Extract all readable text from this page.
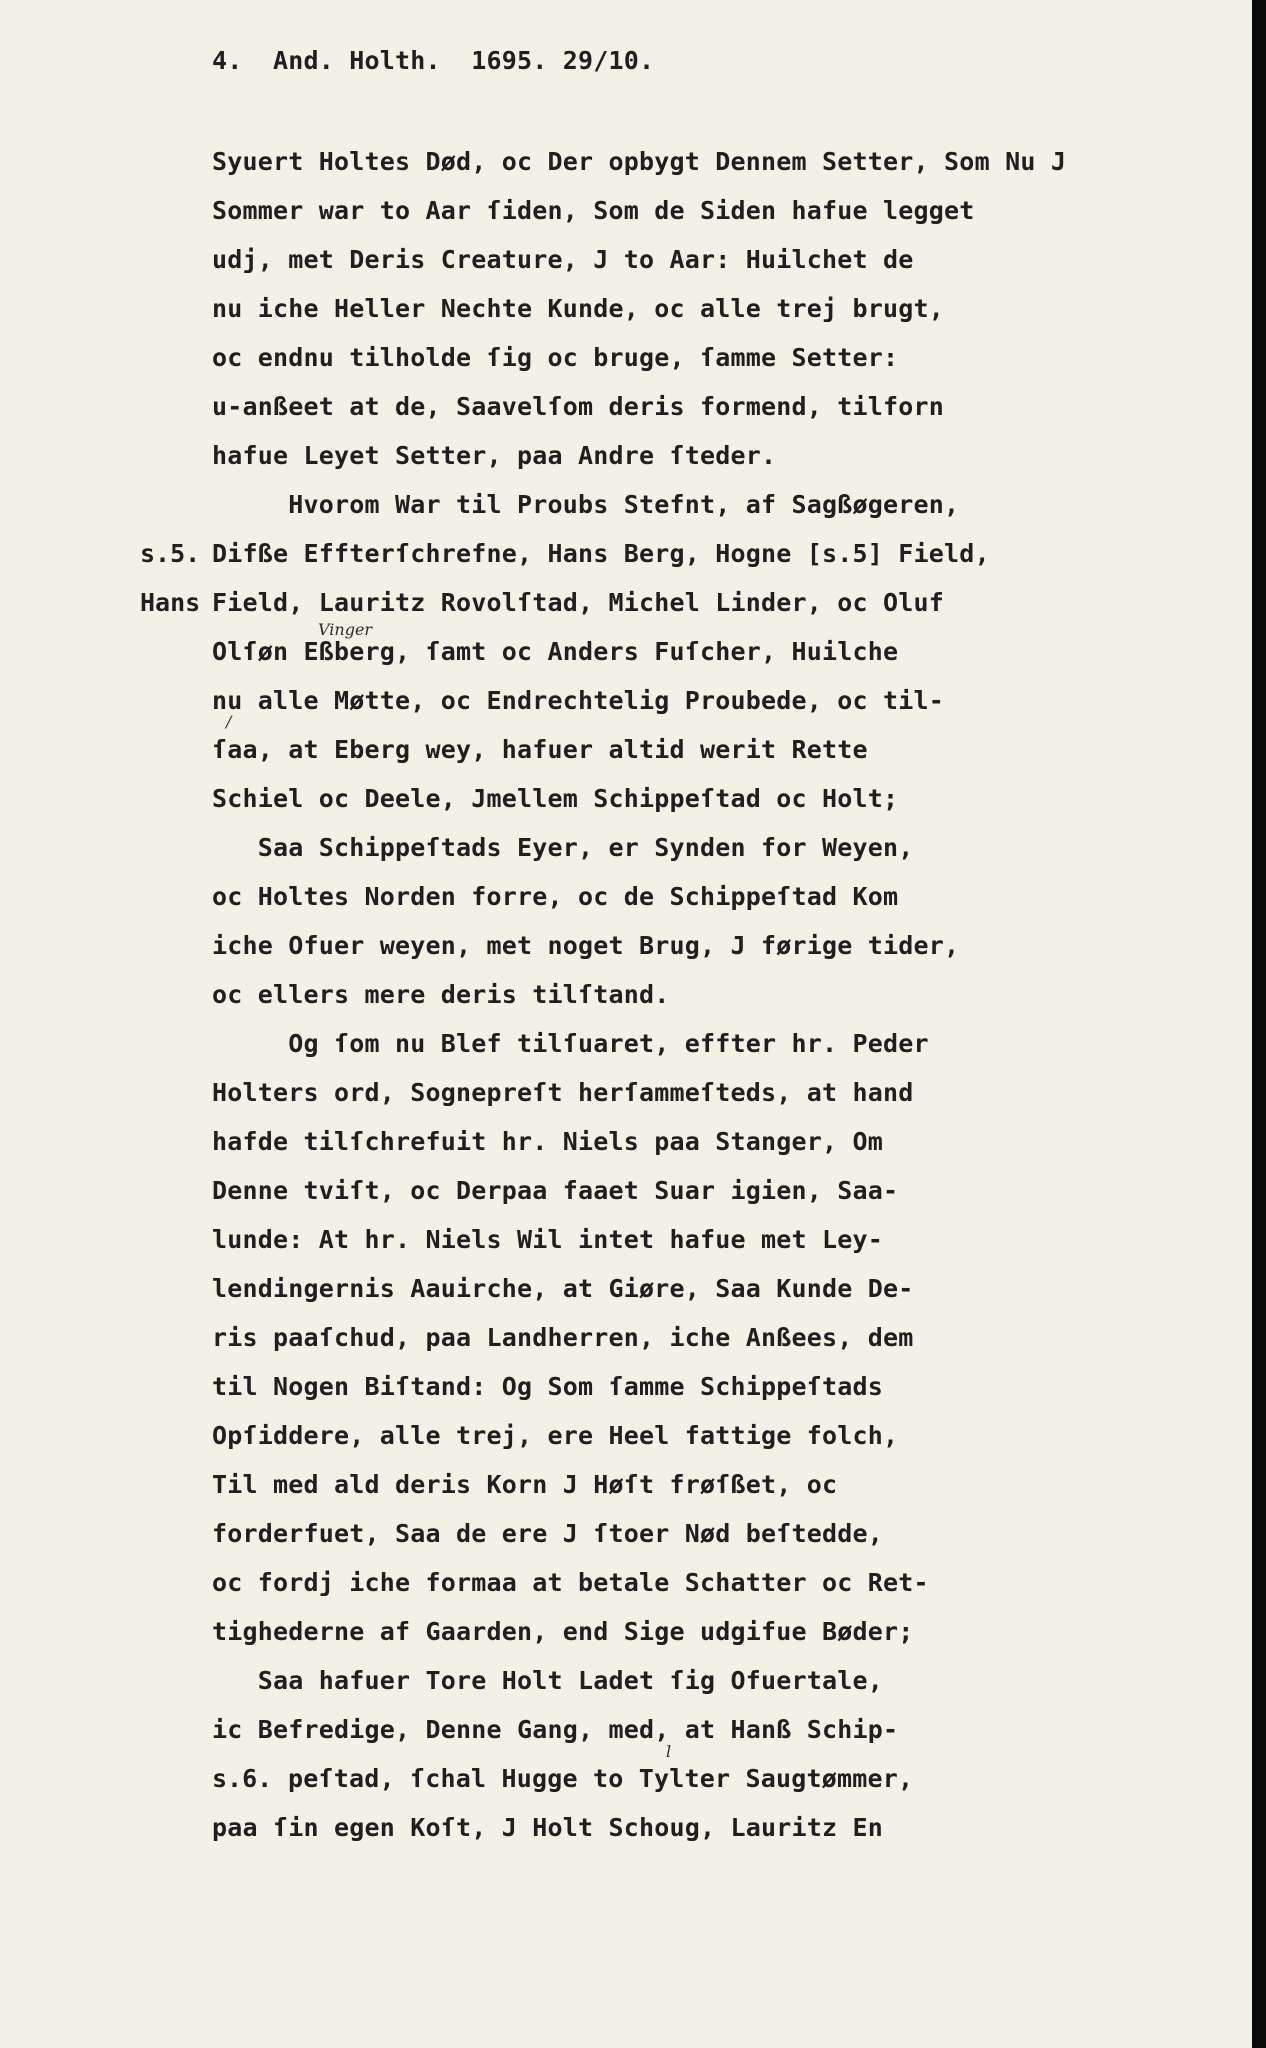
4.  And. Holth.  1695. 29/10.
Syuert Holtes Død, oc Der opbygt Dennem Setter, Som Nu J
Sommer war to Aar ſiden, Som de Siden hafue legget
udj, met Deris Creature, J to Aar: Huilchet de
nu iche Heller Nechte Kunde, oc alle trej brugt,
oc endnu tilholde ſig oc bruge, ſamme Setter:
u-anßeet at de, Saavelſom deris formend, tilforn
hafue Leyet Setter, paa Andre ſteder.
Hvorom War til Proubs Stefnt, af Sagßøgeren,
s.5. Difße Effterſchrefne, Hans Berg, Hogne [s.5] Field,
Hans Field, Lauritz Rovolſtad, Michel Linder, oc Oluf
Vinger
Olſøn Eßberg, ſamt oc Anders Fuſcher, Huilche
nu alle Møtte, oc Endrechtelig Proubede, oc til-
/
ſaa, at Eberg wey, hafuer altid werit Rette
Schiel oc Deele, Jmellem Schippeſtad oc Holt;
Saa Schippeſtads Eyer, er Synden for Weyen,
oc Holtes Norden forre, oc de Schippeſtad Kom
iche Ofuer weyen, met noget Brug, J førige tider,
oc ellers mere deris tilſtand.
Og ſom nu Blef tilſuaret, effter hr. Peder
Holters ord, Sognepreſt herſammeſteds, at hand
hafde tilſchrefuit hr. Niels paa Stanger, Om
Denne tviſt, oc Derpaa faaet Suar igien, Saa-
lunde: At hr. Niels Wil intet hafue met Ley-
lendingernis Aauirche, at Giøre, Saa Kunde De-
ris paaſchud, paa Landherren, iche Anßees, dem
til Nogen Biſtand: Og Som ſamme Schippeſtads
Opſiddere, alle trej, ere Heel fattige folch,
Til med ald deris Korn J Høſt frøſßet, oc
forderfuet, Saa de ere J ſtoer Nød beſtedde,
oc fordj iche formaa at betale Schatter oc Ret-
tighederne af Gaarden, end Sige udgifue Bøder;
Saa hafuer Tore Holt Ladet ſig Ofuertale,
ic Befredige, Denne Gang, med, at Hanß Schip-
l
s.6. peſtad, ſchal Hugge to Tylter Saugtømmer,
paa ſin egen Koſt, J Holt Schoug, Lauritz En
